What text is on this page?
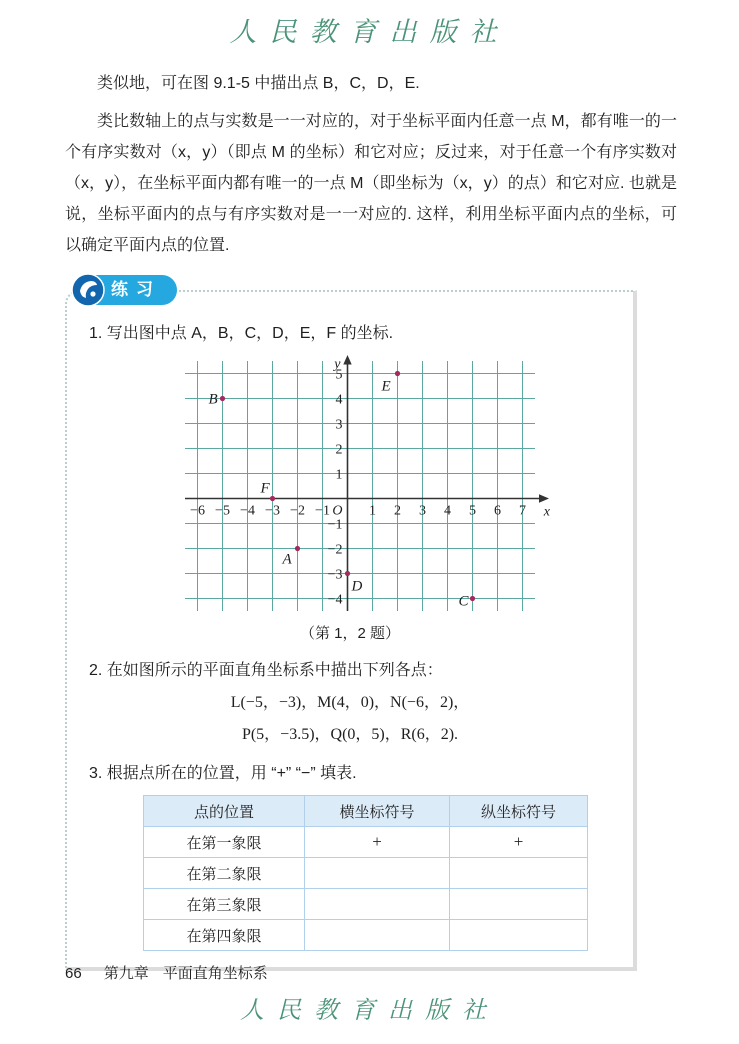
人民教育出版社
类似地，可在图 9.1-5 中描出点 B，C，D，E.
类比数轴上的点与实数是一一对应的，对于坐标平面内任意一点 M，都有唯一的一个有序实数对（x，y）（即点 M 的坐标）和它对应；反过来，对于任意一个有序实数对（x，y），在坐标平面内都有唯一的一点 M（即坐标为（x，y）的点）和它对应. 也就是说，坐标平面内的点与有序实数对是一一对应的. 这样，利用坐标平面内点的坐标，可以确定平面内点的位置.
练习
1. 写出图中点 A，B，C，D，E，F 的坐标.
−6 −5 −4 −3 −2 −1	1 2 3 4 5 6 7
−4
−3
−2
−1
1
2
3
4
5
O	x
y
A
B
C
D
E
F
（第 1，2 题）
2. 在如图所示的平面直角坐标系中描出下列各点：
L(−5，−3)，M(4，0)，N(−6，2)，
P(5，−3.5)，Q(0，5)，R(6，2).
3. 根据点所在的位置，用 “+” “−” 填表.
点的位置	横坐标符号	纵坐标符号
在第一象限	+	+
在第二象限		
在第三象限		
在第四象限		
66 第九章 平面直角坐标系
人民教育出版社
